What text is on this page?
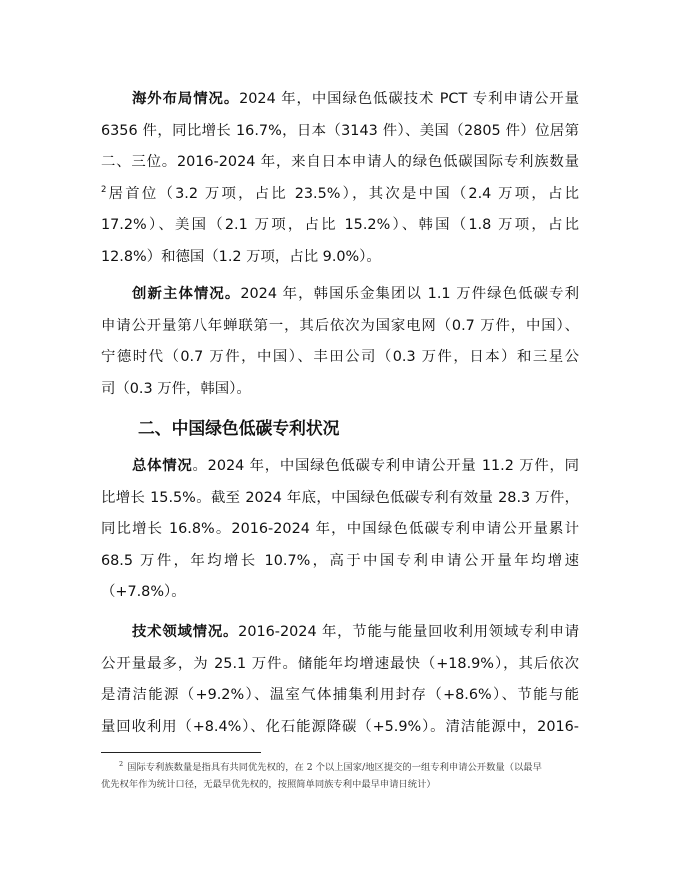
海外布局情况。2024 年，中国绿色低碳技术 PCT 专利申请公开量
6356 件，同比增长 16.7%，日本（3143 件）、美国（2805 件）位居第
二、三位。2016-2024 年，来自日本申请人的绿色低碳国际专利族数量
$^2$居首位（3.2 万项，占比 23.5%），其次是中国（2.4 万项，占比
17.2%）、美国（2.1 万项，占比 15.2%）、韩国（1.8 万项，占比
12.8%）和德国（1.2 万项，占比 9.0%）。
创新主体情况。2024 年，韩国乐金集团以 1.1 万件绿色低碳专利
申请公开量第八年蝉联第一，其后依次为国家电网（0.7 万件，中国）、
宁德时代（0.7 万件，中国）、丰田公司（0.3 万件，日本）和三星公
司（0.3 万件，韩国）。
二、中国绿色低碳专利状况
总体情况。2024 年，中国绿色低碳专利申请公开量 11.2 万件，同
比增长 15.5%。截至 2024 年底，中国绿色低碳专利有效量 28.3 万件，
同比增长 16.8%。2016-2024 年，中国绿色低碳专利申请公开量累计
68.5 万件，年均增长 10.7%，高于中国专利申请公开量年均增速
（+7.8%）。
技术领域情况。2016-2024 年，节能与能量回收利用领域专利申请
公开量最多，为 25.1 万件。储能年均增速最快（+18.9%），其后依次
是清洁能源（+9.2%）、温室气体捕集利用封存（+8.6%）、节能与能
量回收利用（+8.4%）、化石能源降碳（+5.9%）。清洁能源中，2016-
$^2$ 国际专利族数量是指具有共同优先权的，在 2 个以上国家/地区提交的一组专利申请公开数量（以最早
优先权年作为统计口径，无最早优先权的，按照简单同族专利中最早申请日统计）
